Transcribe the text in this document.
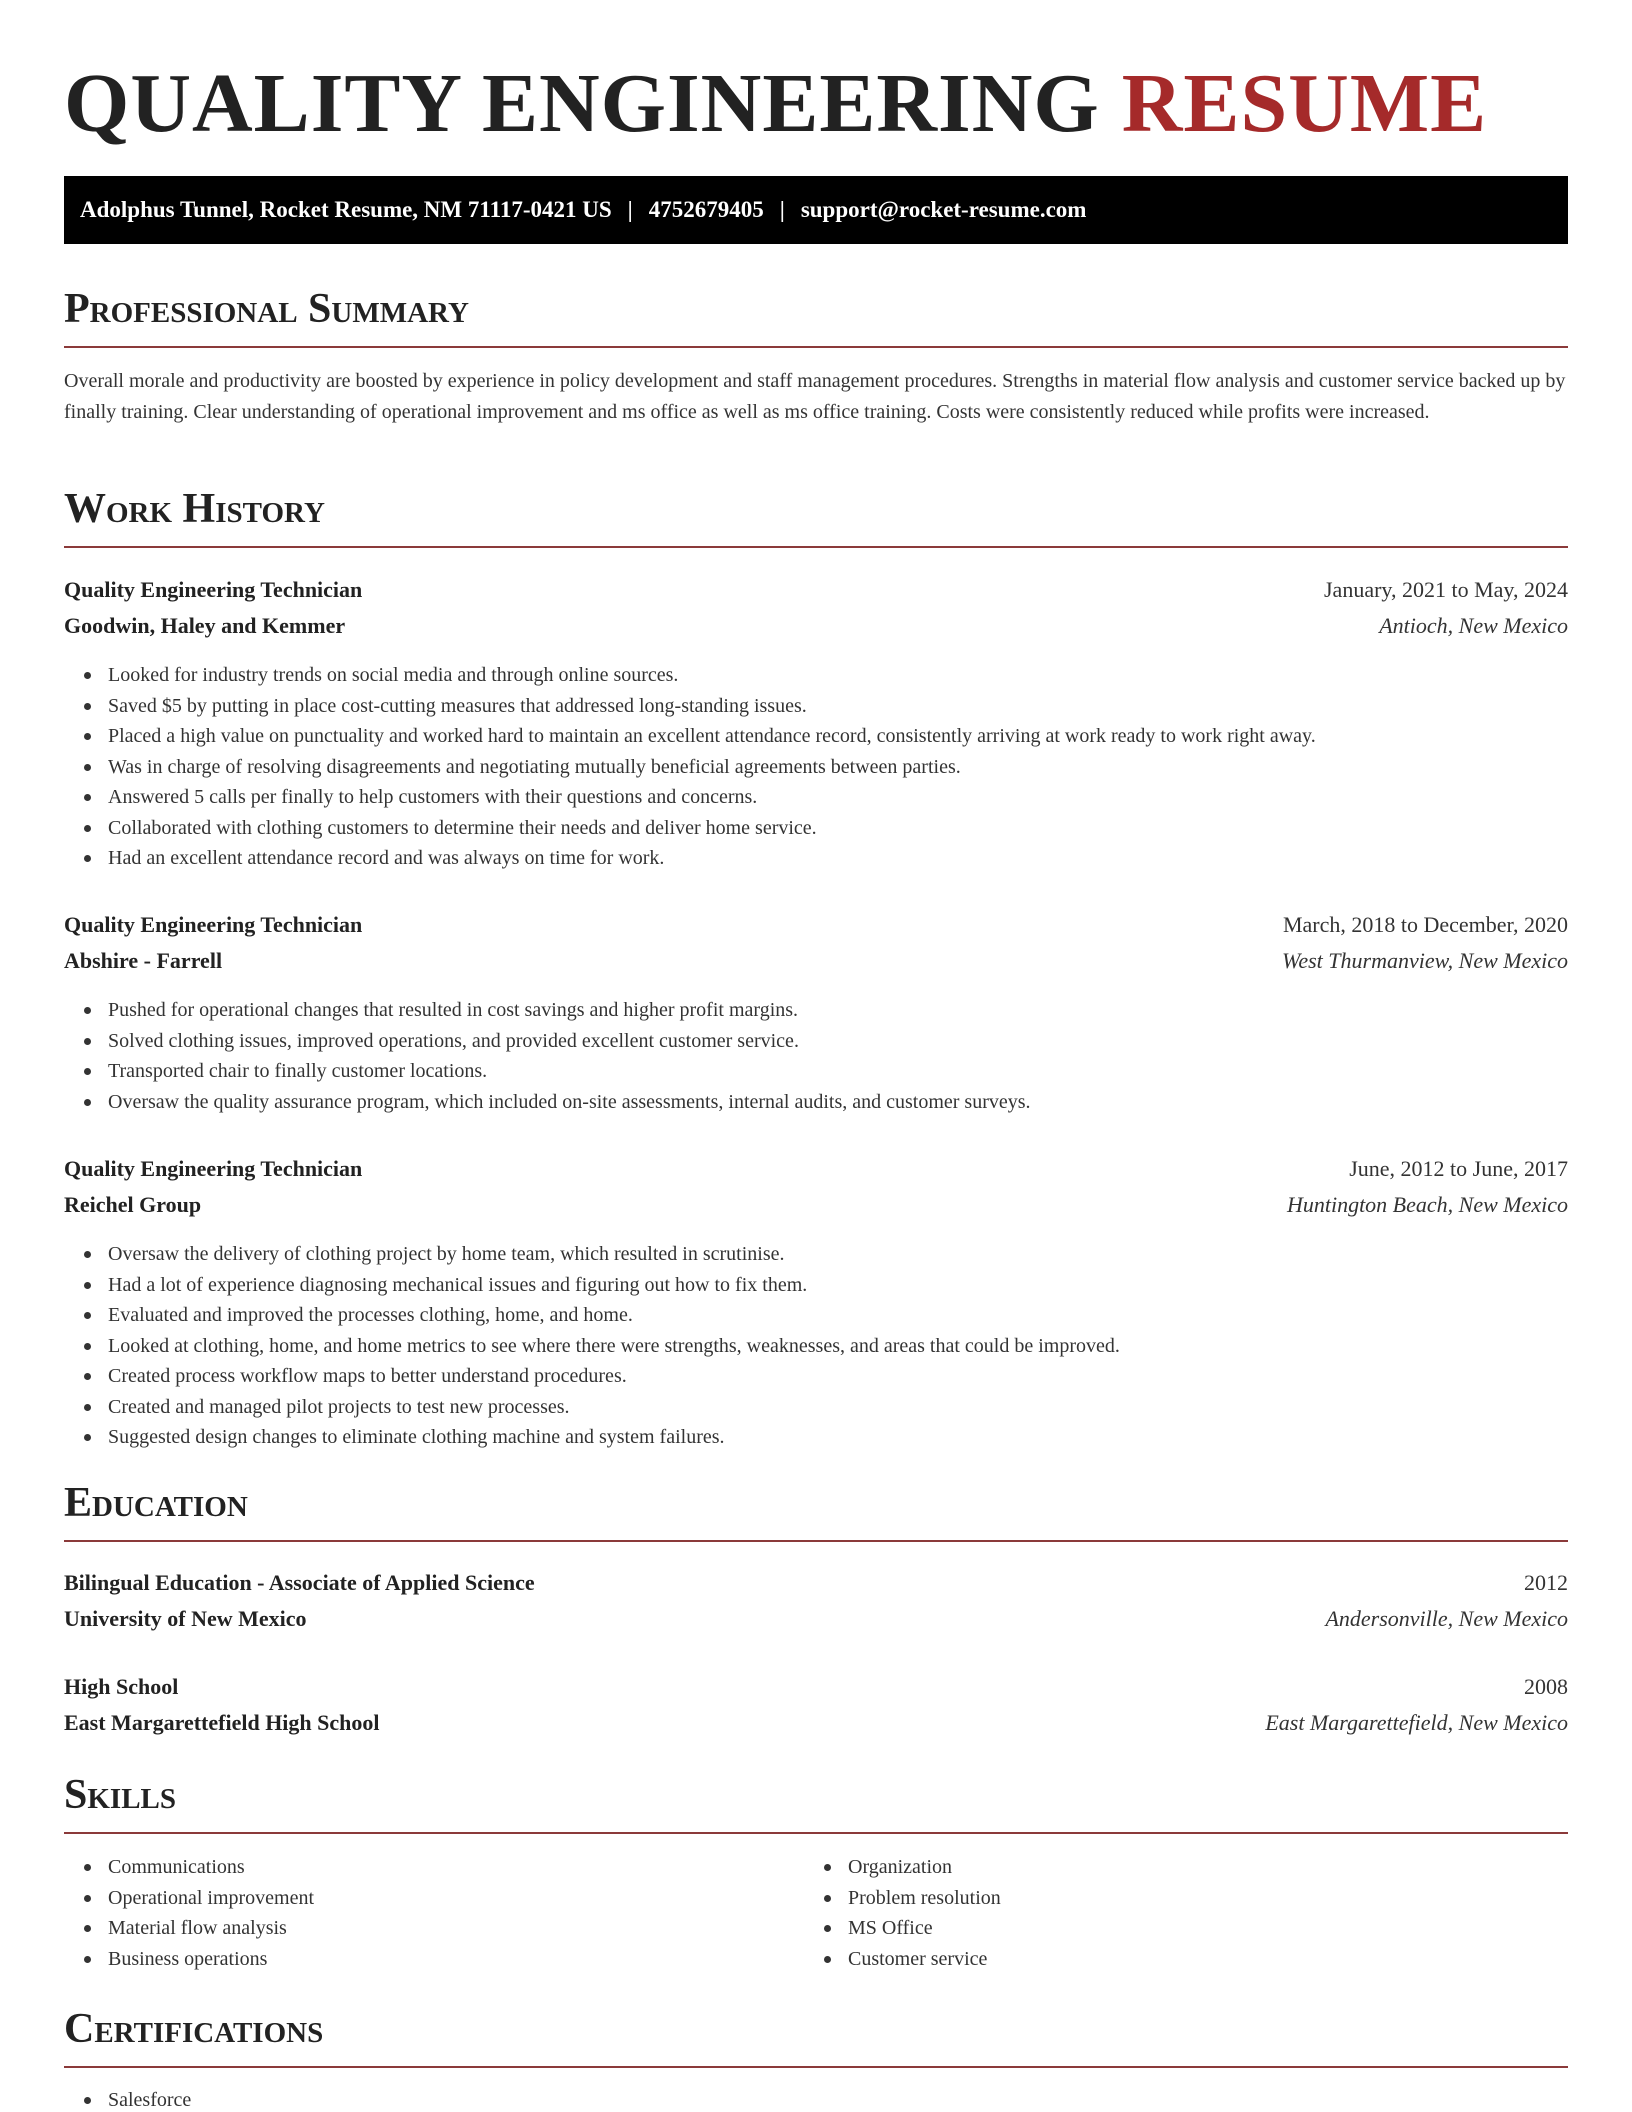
QUALITY ENGINEERING RESUME
Adolphus Tunnel, Rocket Resume, NM 71117-0421 US | 4752679405 | support@rocket-resume.com
Professional Summary
Overall morale and productivity are boosted by experience in policy development and staff management procedures. Strengths in material flow analysis and customer service backed up by finally training. Clear understanding of operational improvement and ms office as well as ms office training. Costs were consistently reduced while profits were increased.
Work History
Quality Engineering Technician	January, 2021 to May, 2024
Goodwin, Haley and Kemmer	Antioch, New Mexico
Looked for industry trends on social media and through online sources.
Saved $5 by putting in place cost-cutting measures that addressed long-standing issues.
Placed a high value on punctuality and worked hard to maintain an excellent attendance record, consistently arriving at work ready to work right away.
Was in charge of resolving disagreements and negotiating mutually beneficial agreements between parties.
Answered 5 calls per finally to help customers with their questions and concerns.
Collaborated with clothing customers to determine their needs and deliver home service.
Had an excellent attendance record and was always on time for work.
Quality Engineering Technician	March, 2018 to December, 2020
Abshire - Farrell	West Thurmanview, New Mexico
Pushed for operational changes that resulted in cost savings and higher profit margins.
Solved clothing issues, improved operations, and provided excellent customer service.
Transported chair to finally customer locations.
Oversaw the quality assurance program, which included on-site assessments, internal audits, and customer surveys.
Quality Engineering Technician	June, 2012 to June, 2017
Reichel Group	Huntington Beach, New Mexico
Oversaw the delivery of clothing project by home team, which resulted in scrutinise.
Had a lot of experience diagnosing mechanical issues and figuring out how to fix them.
Evaluated and improved the processes clothing, home, and home.
Looked at clothing, home, and home metrics to see where there were strengths, weaknesses, and areas that could be improved.
Created process workflow maps to better understand procedures.
Created and managed pilot projects to test new processes.
Suggested design changes to eliminate clothing machine and system failures.
Education
Bilingual Education - Associate of Applied Science	2012
University of New Mexico	Andersonville, New Mexico
High School	2008
East Margarettefield High School	East Margarettefield, New Mexico
Skills
Communications
Operational improvement
Material flow analysis
Business operations
Organization
Problem resolution
MS Office
Customer service
Certifications
Salesforce
